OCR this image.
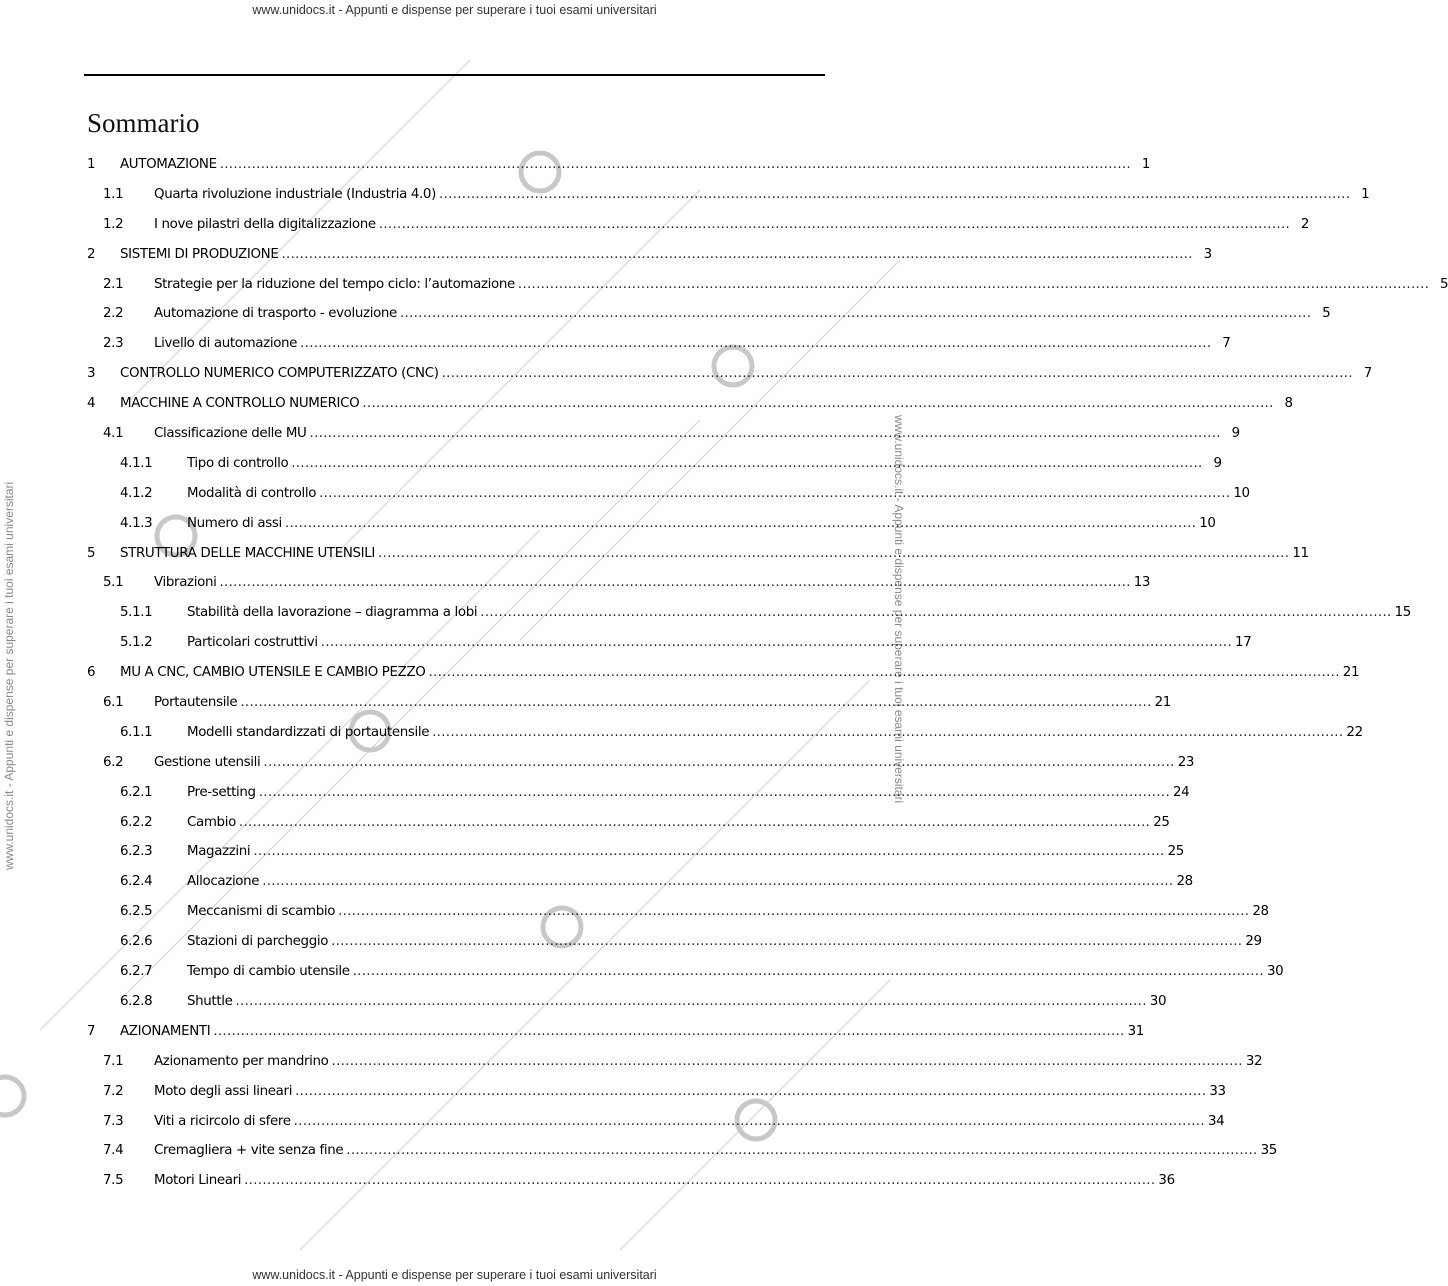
www.unidocs.it - Appunti e dispense per superare i tuoi esami universitari
www.unidocs.it - Appunti e dispense per superare i tuoi esami universitari
www.unidocs.it - Appunti e dispense per superare i tuoi esami universitari	www.unidocs.it - Appunti e dispense per superare i tuoi esami universitari
Sommario
1 AUTOMAZIONE ........................................................................................................................................................................................................ 1
1.1 Quarta rivoluzione industriale (Industria 4.0) ........................................................................................................................................................................................................ 1
1.2 I nove pilastri della digitalizzazione ........................................................................................................................................................................................................ 2
2 SISTEMI DI PRODUZIONE ........................................................................................................................................................................................................ 3
2.1 Strategie per la riduzione del tempo ciclo: l’automazione ........................................................................................................................................................................................................ 5
2.2 Automazione di trasporto - evoluzione ........................................................................................................................................................................................................ 5
2.3 Livello di automazione ........................................................................................................................................................................................................ 7
3 CONTROLLO NUMERICO COMPUTERIZZATO (CNC) ........................................................................................................................................................................................................ 7
4 MACCHINE A CONTROLLO NUMERICO ........................................................................................................................................................................................................ 8
4.1 Classificazione delle MU ........................................................................................................................................................................................................ 9
4.1.1	Tipo di controllo ........................................................................................................................................................................................................ 9
4.1.2	Modalità di controllo ........................................................................................................................................................................................................ 10
4.1.3	Numero di assi ........................................................................................................................................................................................................ 10
5 STRUTTURA DELLE MACCHINE UTENSILI ........................................................................................................................................................................................................ 11
5.1 Vibrazioni ........................................................................................................................................................................................................ 13
5.1.1	Stabilità della lavorazione – diagramma a lobi ........................................................................................................................................................................................................ 15
5.1.2	Particolari costruttivi ........................................................................................................................................................................................................ 17
6 MU A CNC, CAMBIO UTENSILE E CAMBIO PEZZO ........................................................................................................................................................................................................ 21
6.1 Portautensile ........................................................................................................................................................................................................ 21
6.1.1	Modelli standardizzati di portautensile ........................................................................................................................................................................................................ 22
6.2 Gestione utensili ........................................................................................................................................................................................................ 23
6.2.1	Pre-setting ........................................................................................................................................................................................................ 24
6.2.2	Cambio ........................................................................................................................................................................................................ 25
6.2.3	Magazzini ........................................................................................................................................................................................................ 25
6.2.4	Allocazione ........................................................................................................................................................................................................ 28
6.2.5	Meccanismi di scambio ........................................................................................................................................................................................................ 28
6.2.6	Stazioni di parcheggio ........................................................................................................................................................................................................ 29
6.2.7	Tempo di cambio utensile ........................................................................................................................................................................................................ 30
6.2.8	Shuttle ........................................................................................................................................................................................................ 30
7 AZIONAMENTI ........................................................................................................................................................................................................ 31
7.1 Azionamento per mandrino ........................................................................................................................................................................................................ 32
7.2 Moto degli assi lineari ........................................................................................................................................................................................................ 33
7.3 Viti a ricircolo di sfere ........................................................................................................................................................................................................ 34
7.4 Cremagliera + vite senza fine ........................................................................................................................................................................................................ 35
7.5 Motori Lineari ........................................................................................................................................................................................................ 36
